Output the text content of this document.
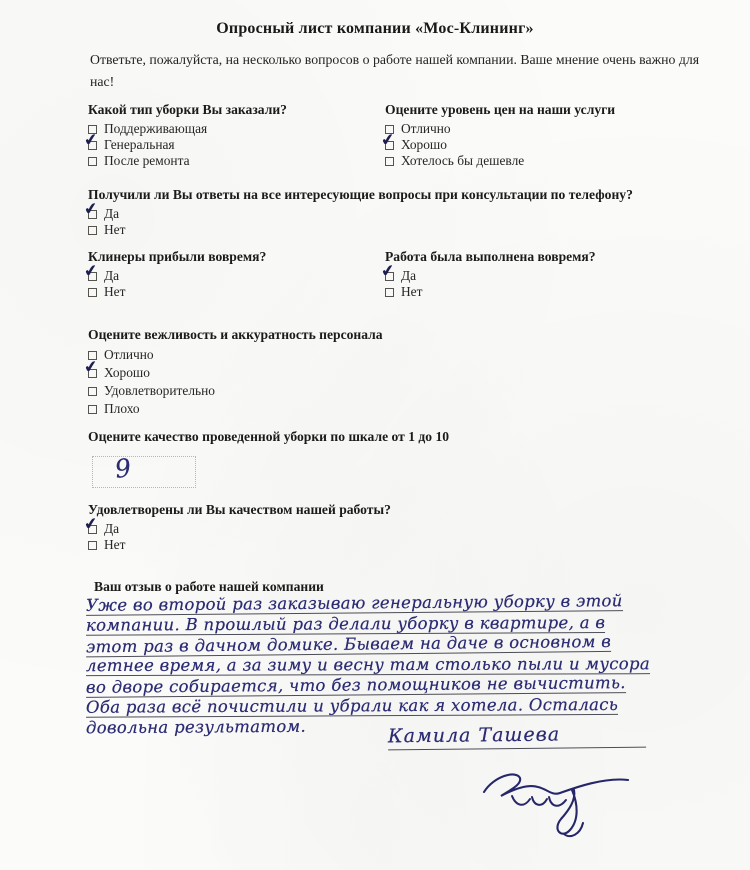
Опросный лист компании «Мос-Клининг»
Ответьте, пожалуйста, на несколько вопросов о работе нашей компании. Ваше мнение очень важно для нас!
Какой тип уборки Вы заказали?
Поддерживающая
✔ Генеральная
После ремонта
Оцените уровень цен на наши услуги
Отлично
✔ Хорошо
Хотелось бы дешевле
Получили ли Вы ответы на все интересующие вопросы при консультации по телефону?
✔ Да
Нет
Клинеры прибыли вовремя?
✔ Да
Нет
Работа была выполнена вовремя?
✔ Да
Нет
Оцените вежливость и аккуратность персонала
Отлично
✔ Хорошо
Удовлетворительно
Плохо
Оцените качество проведенной уборки по шкале от 1 до 10
9
Удовлетворены ли Вы качеством нашей работы?
✔ Да
Нет
Ваш отзыв о работе нашей компании
Уже во второй раз заказываю генеральную уборку в этой
компании. В прошлый раз делали уборку в квартире, а в
этот раз в дачном домике. Бываем на даче в основном в
летнее время, а за зиму и весну там столько пыли и мусора
во дворе собирается, что без помощников не вычистить.
Оба раза всё почистили и убрали как я хотела. Осталась
довольна результатом.	Камила Ташева
